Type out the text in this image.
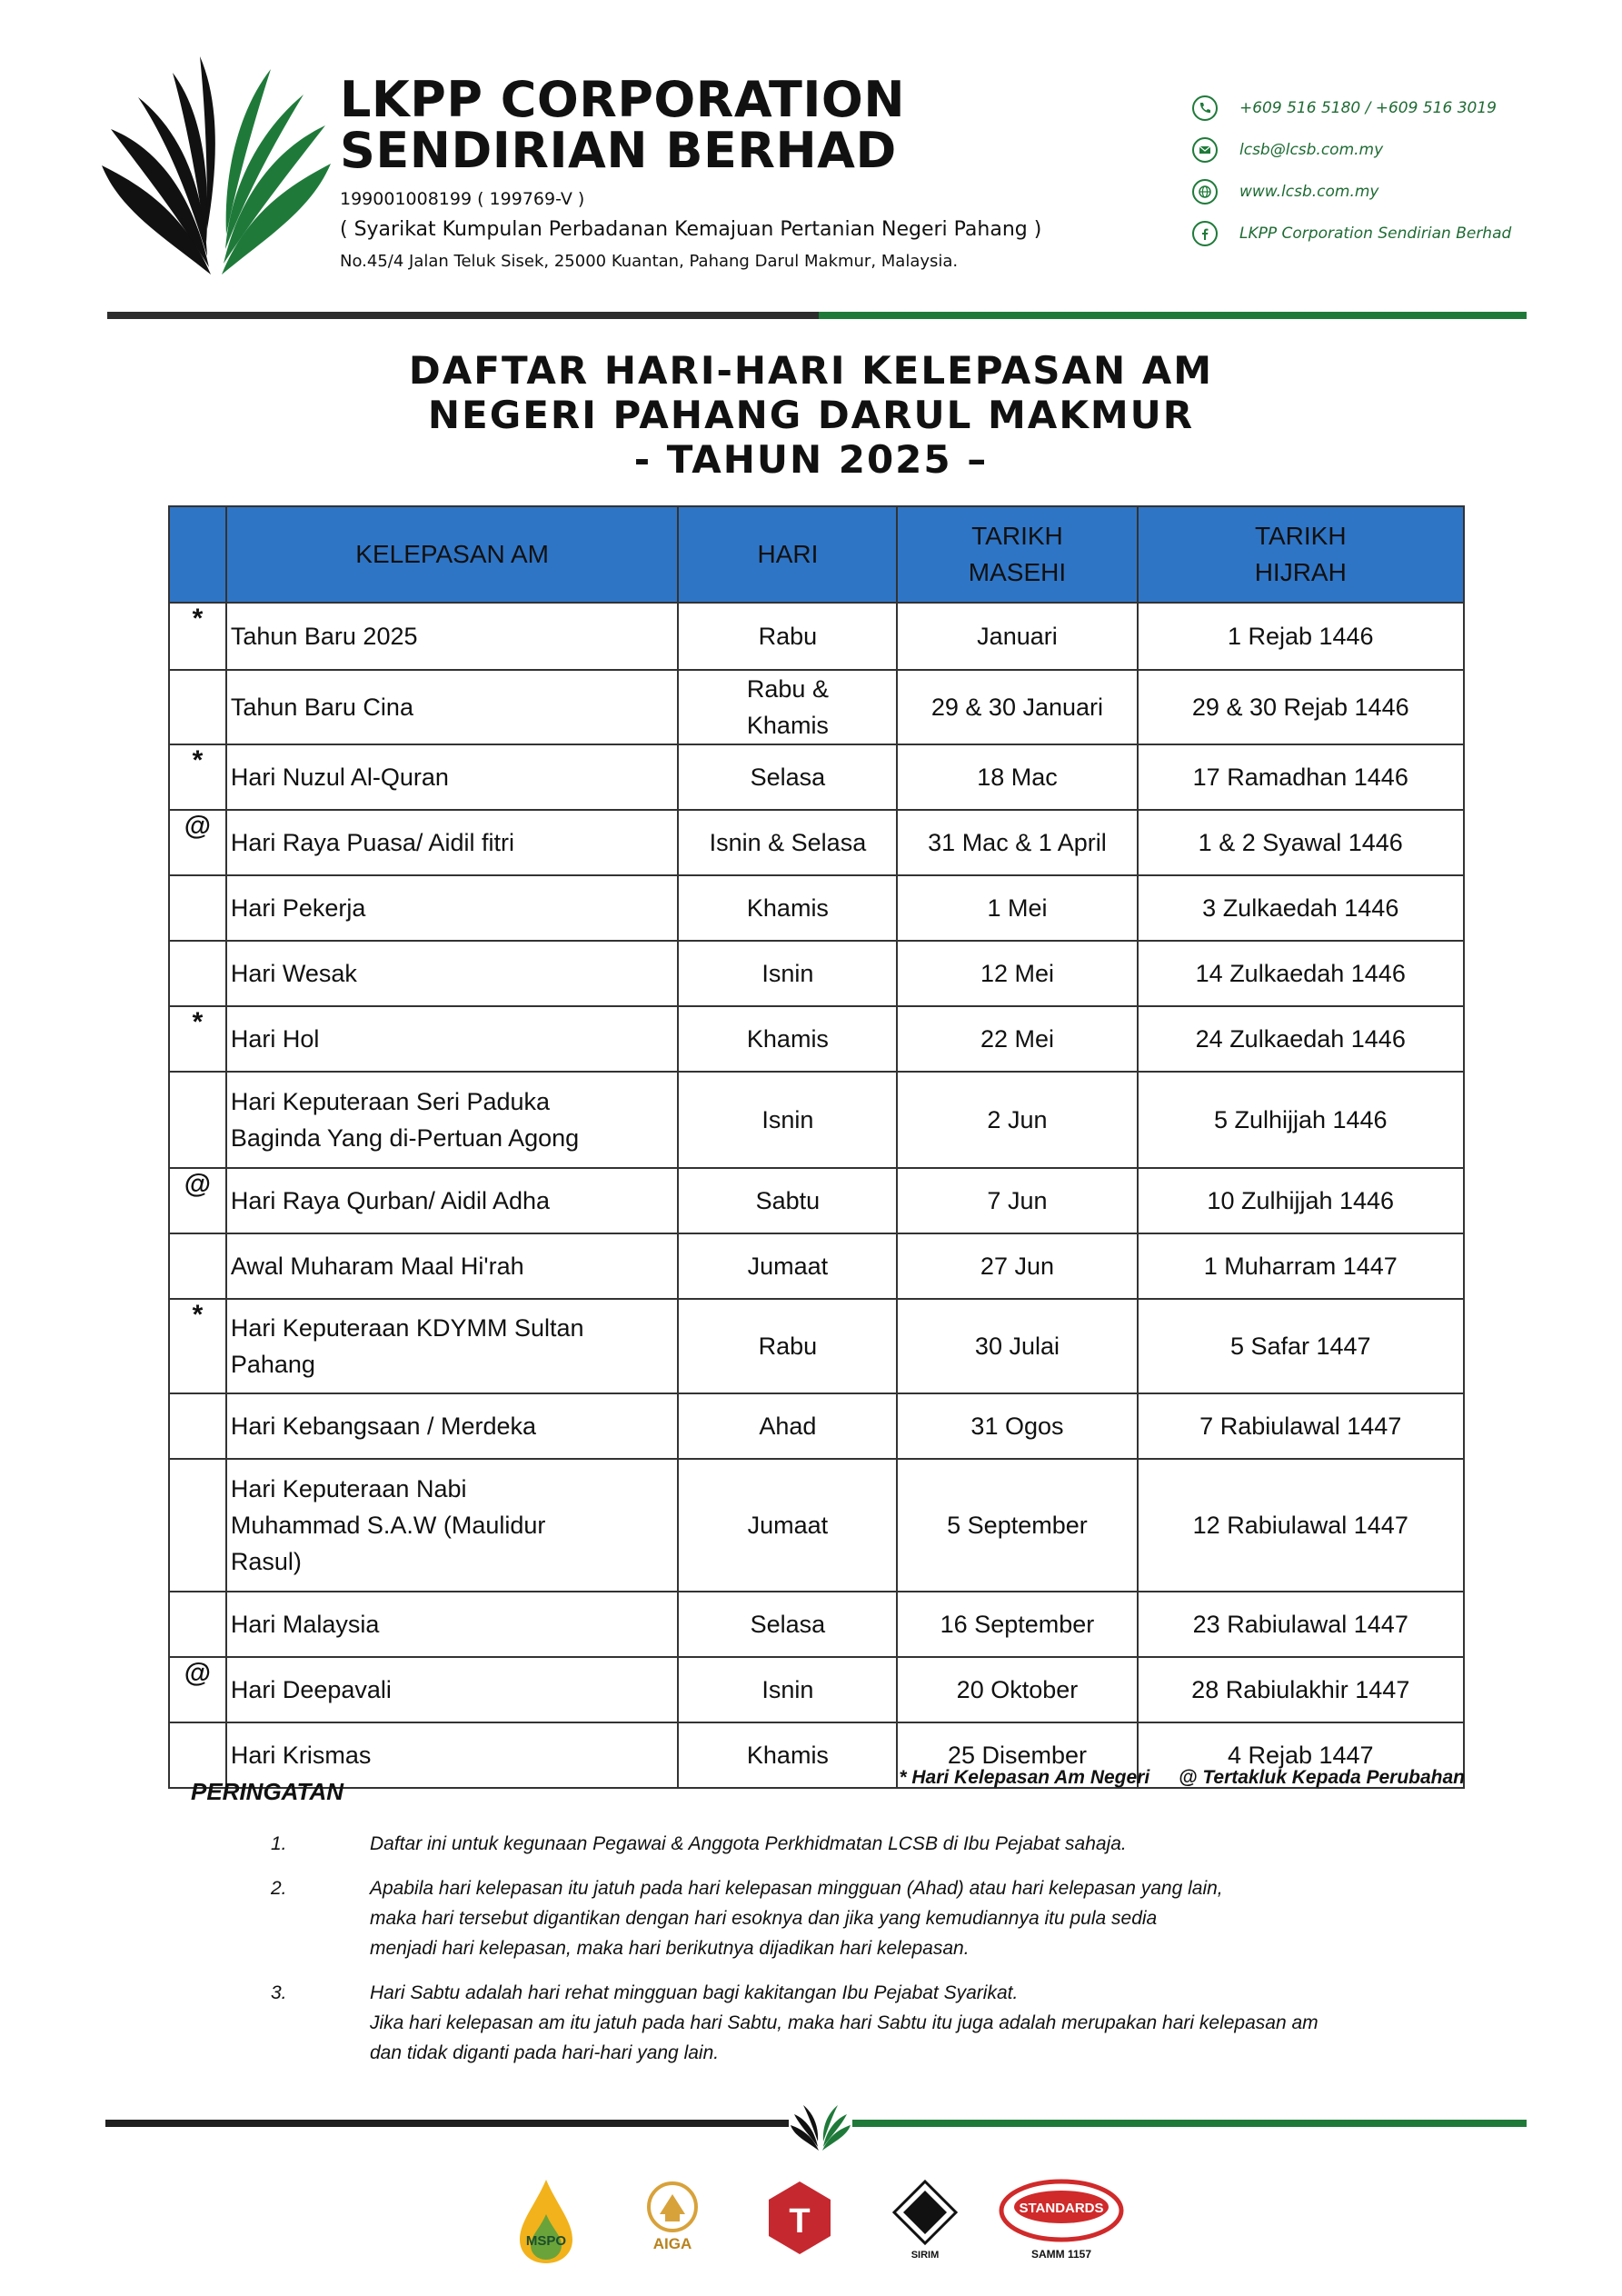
LKPP CORPORATION
SENDIRIAN BERHAD
199001008199 ( 199769-V )
( Syarikat Kumpulan Perbadanan Kemajuan Pertanian Negeri Pahang )
No.45/4 Jalan Teluk Sisek, 25000 Kuantan, Pahang Darul Makmur, Malaysia.
+609 516 5180 / +609 516 3019
lcsb@lcsb.com.my
www.lcsb.com.my
LKPP Corporation Sendirian Berhad
DAFTAR HARI-HARI KELEPASAN AM
NEGERI PAHANG DARUL MAKMUR
- TAHUN 2025 –
	KELEPASAN AM	HARI	TARIKH
MASEHI	TARIKH
HIJRAH
*	Tahun Baru 2025	Rabu	Januari	1 Rejab 1446
	Tahun Baru Cina	Rabu &
Khamis	29 & 30 Januari	29 & 30 Rejab 1446
*	Hari Nuzul Al-Quran	Selasa	18 Mac	17 Ramadhan 1446
@	Hari Raya Puasa/ Aidil fitri	Isnin & Selasa	31 Mac & 1 April	1 & 2 Syawal 1446
	Hari Pekerja	Khamis	1 Mei	3 Zulkaedah 1446
	Hari Wesak	Isnin	12 Mei	14 Zulkaedah 1446
*	Hari Hol	Khamis	22 Mei	24 Zulkaedah 1446
	Hari Keputeraan Seri Paduka
Baginda Yang di-Pertuan Agong	Isnin	2 Jun	5 Zulhijjah 1446
@	Hari Raya Qurban/ Aidil Adha	Sabtu	7 Jun	10 Zulhijjah 1446
	Awal Muharam Maal Hi'rah	Jumaat	27 Jun	1 Muharram 1447
*	Hari Keputeraan KDYMM Sultan
Pahang	Rabu	30 Julai	5 Safar 1447
	Hari Kebangsaan / Merdeka	Ahad	31 Ogos	7 Rabiulawal 1447
	Hari Keputeraan Nabi
Muhammad S.A.W (Maulidur
Rasul)	Jumaat	5 September	12 Rabiulawal 1447
	Hari Malaysia	Selasa	16 September	23 Rabiulawal 1447
@	Hari Deepavali	Isnin	20 Oktober	28 Rabiulakhir 1447
	Hari Krismas	Khamis	25 Disember	4 Rejab 1447
* Hari Kelepasan Am Negeri @ Tertakluk Kepada Perubahan
PERINGATAN
1.	Daftar ini untuk kegunaan Pegawai & Anggota Perkhidmatan LCSB di Ibu Pejabat sahaja.
2.	Apabila hari kelepasan itu jatuh pada hari kelepasan mingguan (Ahad) atau hari kelepasan yang lain,
maka hari tersebut digantikan dengan hari esoknya dan jika yang kemudiannya itu pula sedia
menjadi hari kelepasan, maka hari berikutnya dijadikan hari kelepasan.
3.	Hari Sabtu adalah hari rehat mingguan bagi kakitangan Ibu Pejabat Syarikat.
Jika hari kelepasan am itu jatuh pada hari Sabtu, maka hari Sabtu itu juga adalah merupakan hari kelepasan am
dan tidak diganti pada hari-hari yang lain.
MSPO	AIGA
T
SIRIM
STANDARDS
SAMM 1157
